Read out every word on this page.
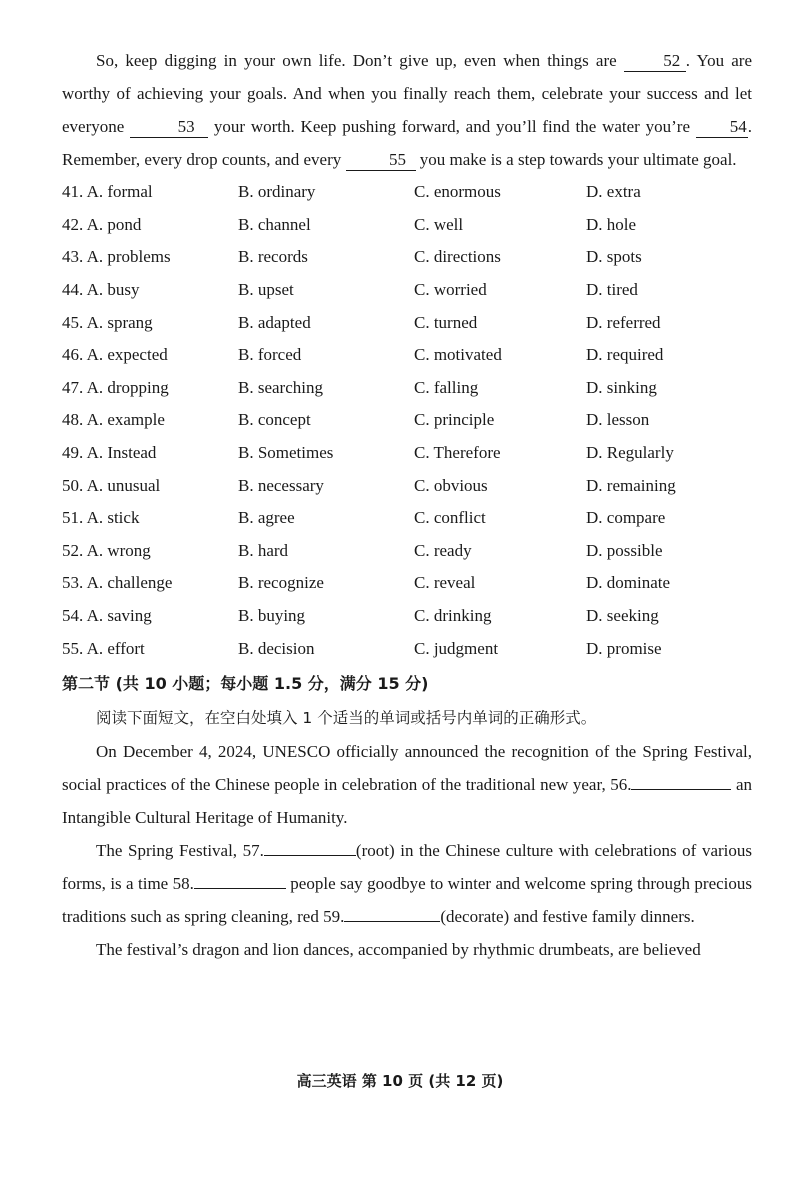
So, keep digging in your own life. Don’t give up, even when things are	52 . You are worthy of achieving your goals. And when you finally reach them, celebrate your success and let everyone	53 your worth. Keep pushing forward, and you’ll find the water you’re 54. Remember, every drop counts, and every	55 you make is a step towards your ultimate goal.

41. A. formal	B. ordinary	C. enormous	D. extra
42. A. pond	B. channel	C. well	D. hole
43. A. problems	B. records	C. directions	D. spots
44. A. busy	B. upset	C. worried	D. tired
45. A. sprang	B. adapted	C. turned	D. referred
46. A. expected	B. forced	C. motivated	D. required
47. A. dropping	B. searching	C. falling	D. sinking
48. A. example	B. concept	C. principle	D. lesson
49. A. Instead	B. Sometimes	C. Therefore	D. Regularly
50. A. unusual	B. necessary	C. obvious	D. remaining
51. A. stick	B. agree	C. conflict	D. compare
52. A. wrong	B. hard	C. ready	D. possible
53. A. challenge	B. recognize	C. reveal	D. dominate
54. A. saving	B. buying	C. drinking	D. seeking
55. A. effort	B. decision	C. judgment	D. promise
第二节 (共 10 小题；每小题 1.5 分，满分 15 分)
阅读下面短文，在空白处填入 1 个适当的单词或括号内单词的正确形式。

On December 4, 2024, UNESCO officially announced the recognition of the Spring Festival, social practices of the Chinese people in celebration of the traditional new year, 56.	an Intangible Cultural Heritage of Humanity.

The Spring Festival, 57.	(root) in the Chinese culture with celebrations of various forms, is a time 58.	people say goodbye to winter and welcome spring through precious traditions such as spring cleaning, red 59.	(decorate) and festive family dinners.

The festival’s dragon and lion dances, accompanied by rhythmic drumbeats, are believed

高三英语 第 10 页 (共 12 页)
